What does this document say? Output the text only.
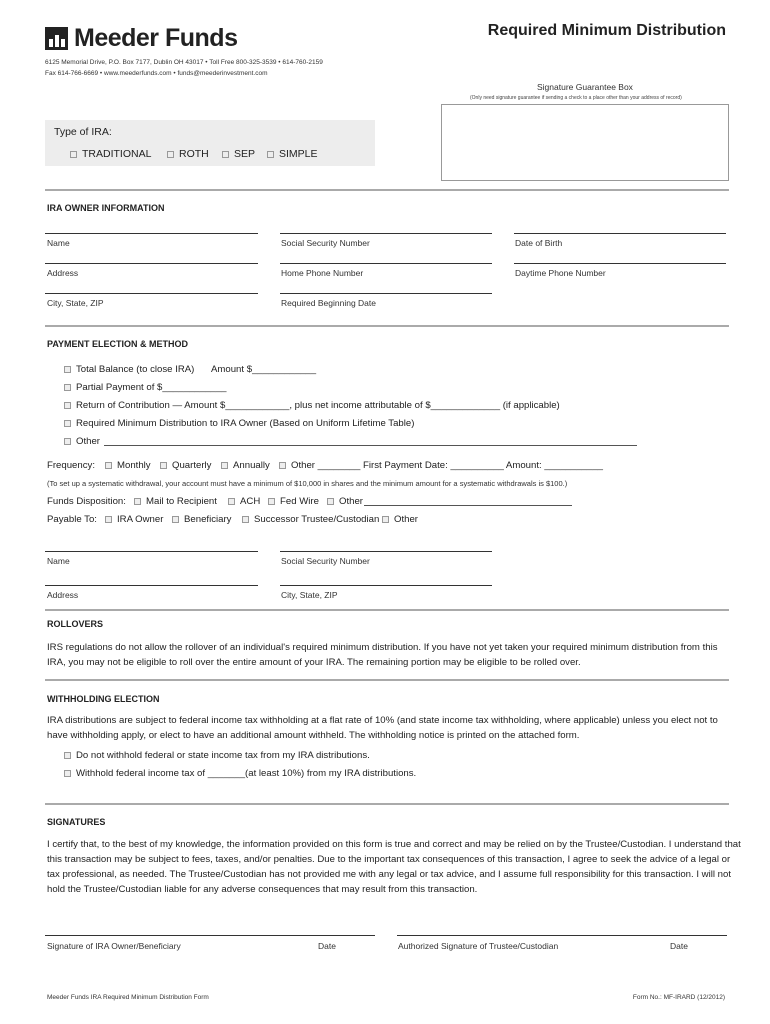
Meeder Funds	Required Minimum Distribution
6125 Memorial Drive, P.O. Box 7177, Dublin OH 43017 • Toll Free 800-325-3539 • 614-760-2159
Fax 614-766-6669 • www.meederfunds.com • funds@meederinvestment.com
Signature Guarantee Box
(Only need signature guarantee if sending a check to a place other than your address of record)
Type of IRA:
TRADITIONAL	ROTH	SEP	SIMPLE
IRA OWNER INFORMATION
Name	Social Security Number	Date of Birth
Address	Home Phone Number	Daytime Phone Number
City, State, ZIP	Required Beginning Date
PAYMENT ELECTION & METHOD
Total Balance (to close IRA) Amount $____________
Partial Payment of $____________
Return of Contribution — Amount $____________, plus net income attributable of $_____________ (if applicable)
Required Minimum Distribution to IRA Owner (Based on Uniform Lifetime Table)
Other
Frequency:	Monthly	Quarterly	Annually	Other ________ First Payment Date: __________ Amount: ___________
(To set up a systematic withdrawal, your account must have a minimum of $10,000 in shares and the minimum amount for a systematic withdrawals is $100.)
Funds Disposition:	Mail to Recipient	ACH	Fed Wire	Other
Payable To:	IRA Owner	Beneficiary	Successor Trustee/Custodian	Other
Name	Social Security Number
Address	City, State, ZIP
ROLLOVERS
IRS regulations do not allow the rollover of an individual's required minimum distribution. If you have not yet taken your required minimum distribution from this
IRA, you may not be eligible to roll over the entire amount of your IRA. The remaining portion may be eligible to be rolled over.
WITHHOLDING ELECTION
IRA distributions are subject to federal income tax withholding at a flat rate of 10% (and state income tax withholding, where applicable) unless you elect not to
have withholding apply, or elect to have an additional amount withheld. The withholding notice is printed on the attached form.
Do not withhold federal or state income tax from my IRA distributions.
Withhold federal income tax of _______(at least 10%) from my IRA distributions.
SIGNATURES
I certify that, to the best of my knowledge, the information provided on this form is true and correct and may be relied on by the Trustee/Custodian. I understand that
this transaction may be subject to fees, taxes, and/or penalties. Due to the important tax consequences of this transaction, I agree to seek the advice of a legal or
tax professional, as needed. The Trustee/Custodian has not provided me with any legal or tax advice, and I assume full responsibility for this transaction. I will not
hold the Trustee/Custodian liable for any adverse consequences that may result from this transaction.
Signature of IRA Owner/Beneficiary	Date	Authorized Signature of Trustee/Custodian	Date
Meeder Funds IRA Required Minimum Distribution Form	Form No.: MF-IRARD (12/2012)
